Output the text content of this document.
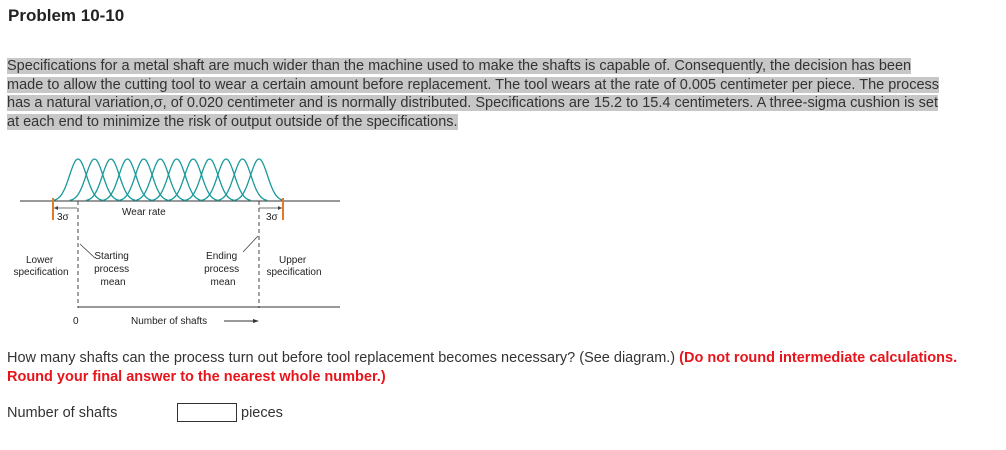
Problem 10-10
Specifications for a metal shaft are much wider than the machine used to make the shafts is capable of. Consequently, the decision has been made to allow the cutting tool to wear a certain amount before replacement. The tool wears at the rate of 0.005 centimeter per piece. The process has a natural variation,σ, of 0.020 centimeter and is normally distributed. Specifications are 15.2 to 15.4 centimeters. A three-sigma cushion is set at each end to minimize the risk of output outside of the specifications.
3σ	3σ
Wear rate
Lower specification
Starting process mean
Ending process mean
Upper specification
0	Number of shafts
How many shafts can the process turn out before tool replacement becomes necessary? (See diagram.) (Do not round intermediate calculations. Round your final answer to the nearest whole number.)
Number of shafts	pieces
